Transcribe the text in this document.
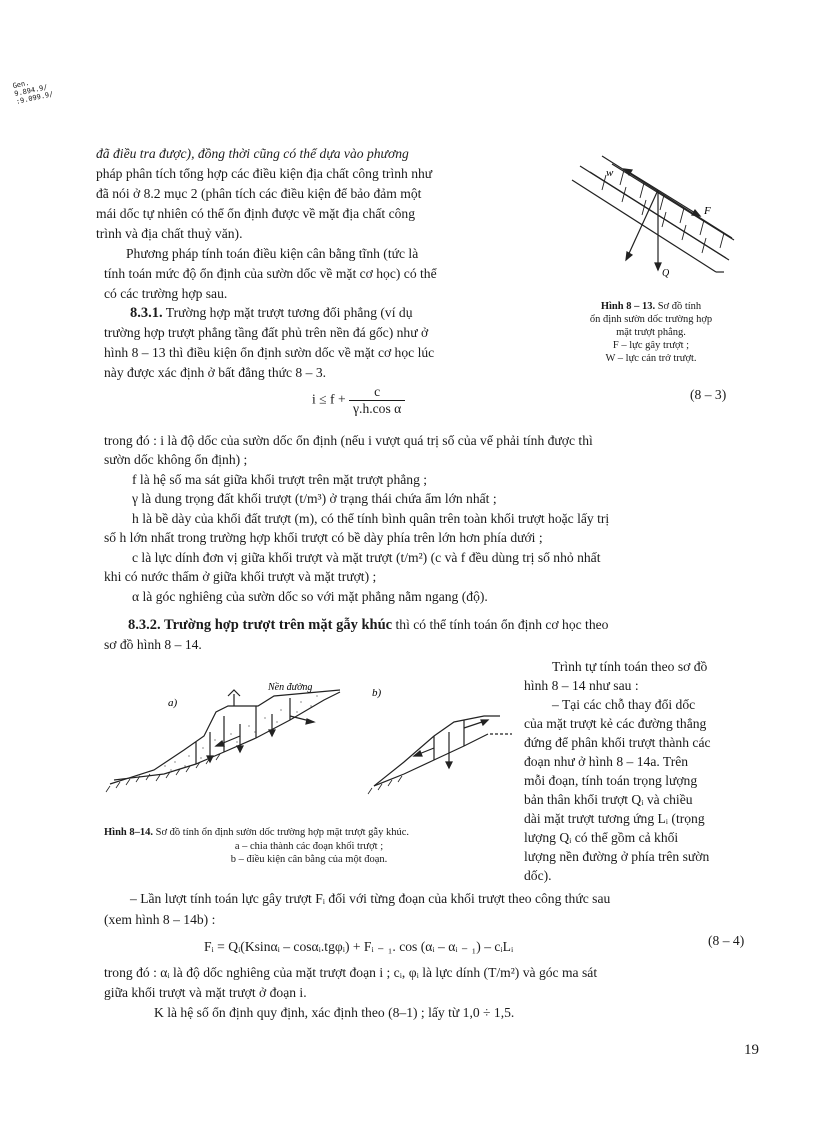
Gen. 9.894.9/ :9.099.9/
đã điều tra được), đồng thời cũng có thể dựa vào phương
pháp phân tích tổng hợp các điều kiện địa chất công trình như
đã nói ở 8.2 mục 2 (phân tích các điều kiện để bảo đảm một
mái dốc tự nhiên có thể ổn định được về mặt địa chất công
trình và địa chất thuỷ văn).
Phương pháp tính toán điều kiện cân bằng tĩnh (tức là
tính toán mức độ ổn định của sườn dốc về mặt cơ học) có thể
có các trường hợp sau.
8.3.1. Trường hợp mặt trượt tương đối phẳng (ví dụ
trường hợp trượt phẳng tầng đất phủ trên nền đá gốc) như ở
hình 8 – 13 thì điều kiện ổn định sườn dốc về mặt cơ học lúc
này được xác định ở bất đẳng thức 8 – 3.
w
F
Q
Hình 8 – 13. Sơ đồ tính
ổn định sườn dốc trường hợp
mặt trượt phẳng.
F – lực gây trượt ;
W – lực cản trở trượt.
$i \le f + \frac{c}{\text{γ.h.cos α}}$	(8 – 3)
trong đó : i là độ dốc của sườn dốc ổn định (nếu i vượt quá trị số của vế phải tính được thì
sườn dốc không ổn định) ;
f là hệ số ma sát giữa khối trượt trên mặt trượt phẳng ;
γ là dung trọng đất khối trượt (t/m³) ở trạng thái chứa ẩm lớn nhất ;
h là bề dày của khối đất trượt (m), có thể tính bình quân trên toàn khối trượt hoặc lấy trị
số h lớn nhất trong trường hợp khối trượt có bề dày phía trên lớn hơn phía dưới ;
c là lực dính đơn vị giữa khối trượt và mặt trượt (t/m²) (c và f đều dùng trị số nhỏ nhất
khi có nước thấm ở giữa khối trượt và mặt trượt) ;
α là góc nghiêng của sườn dốc so với mặt phẳng nằm ngang (độ).
8.3.2. Trường hợp trượt trên mặt gẫy khúc thì có thể tính toán ổn định cơ học theo
sơ đồ hình 8 – 14.
a)
b)
Nền đường
Hình 8–14. Sơ đồ tính ổn định sườn dốc trường hợp mặt trượt gẫy khúc.
a – chia thành các đoạn khối trượt ;
b – điều kiện cân bằng của một đoạn.
Trình tự tính toán theo sơ đồ
hình 8 – 14 như sau :
– Tại các chỗ thay đổi dốc
của mặt trượt kẻ các đường thẳng
đứng để phân khối trượt thành các
đoạn như ở hình 8 – 14a. Trên
mỗi đoạn, tính toán trọng lượng
bản thân khối trượt Qᵢ và chiều
dài mặt trượt tương ứng Lᵢ (trọng
lượng Qᵢ có thể gồm cả khối
lượng nền đường ở phía trên sườn
dốc).
– Lần lượt tính toán lực gây trượt Fᵢ đối với từng đoạn của khối trượt theo công thức sau
(xem hình 8 – 14b) :
Fᵢ = Qᵢ(Ksinαᵢ – cosαᵢ.tgφᵢ) + Fᵢ ₋ ₁. cos (αᵢ – αᵢ ₋ ₁) – cᵢLᵢ	(8 – 4)
trong đó : αᵢ là độ dốc nghiêng của mặt trượt đoạn i ; cᵢ, φᵢ là lực dính (T/m²) và góc ma sát
giữa khối trượt và mặt trượt ở đoạn i.
K là hệ số ổn định quy định, xác định theo (8–1) ; lấy từ 1,0 ÷ 1,5.
19
